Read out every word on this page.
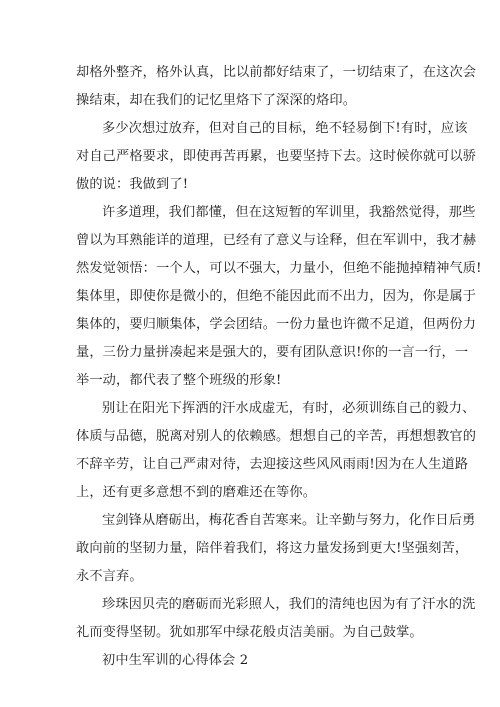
却格外整齐，格外认真，比以前都好结束了，一切结束了，在这次会
操结束，却在我们的记忆里烙下了深深的烙印。
多少次想过放弃，但对自己的目标，绝不轻易倒下!有时，应该
对自己严格要求，即使再苦再累，也要坚持下去。这时候你就可以骄
傲的说：我做到了!
许多道理，我们都懂，但在这短暂的军训里，我豁然觉得，那些
曾以为耳熟能详的道理，已经有了意义与诠释，但在军训中，我才赫
然发觉领悟：一个人，可以不强大，力量小，但绝不能抛掉精神气质!
集体里，即使你是微小的，但绝不能因此而不出力，因为，你是属于
集体的，要归顺集体，学会团结。一份力量也许微不足道，但两份力
量，三份力量拼凑起来是强大的，要有团队意识!你的一言一行，一
举一动，都代表了整个班级的形象!
别让在阳光下挥洒的汗水成虚无，有时，必须训练自己的毅力、
体质与品德，脱离对别人的依赖感。想想自己的辛苦，再想想教官的
不辞辛劳，让自己严肃对待，去迎接这些风风雨雨!因为在人生道路
上，还有更多意想不到的磨难还在等你。
宝剑锋从磨砺出，梅花香自苦寒来。让辛勤与努力，化作日后勇
敢向前的坚韧力量，陪伴着我们，将这力量发扬到更大!坚强刻苦，
永不言弃。
珍珠因贝壳的磨砺而光彩照人，我们的清纯也因为有了汗水的洗
礼而变得坚韧。犹如那军中绿花般贞洁美丽。为自己鼓掌。
初中生军训的心得体会 2
